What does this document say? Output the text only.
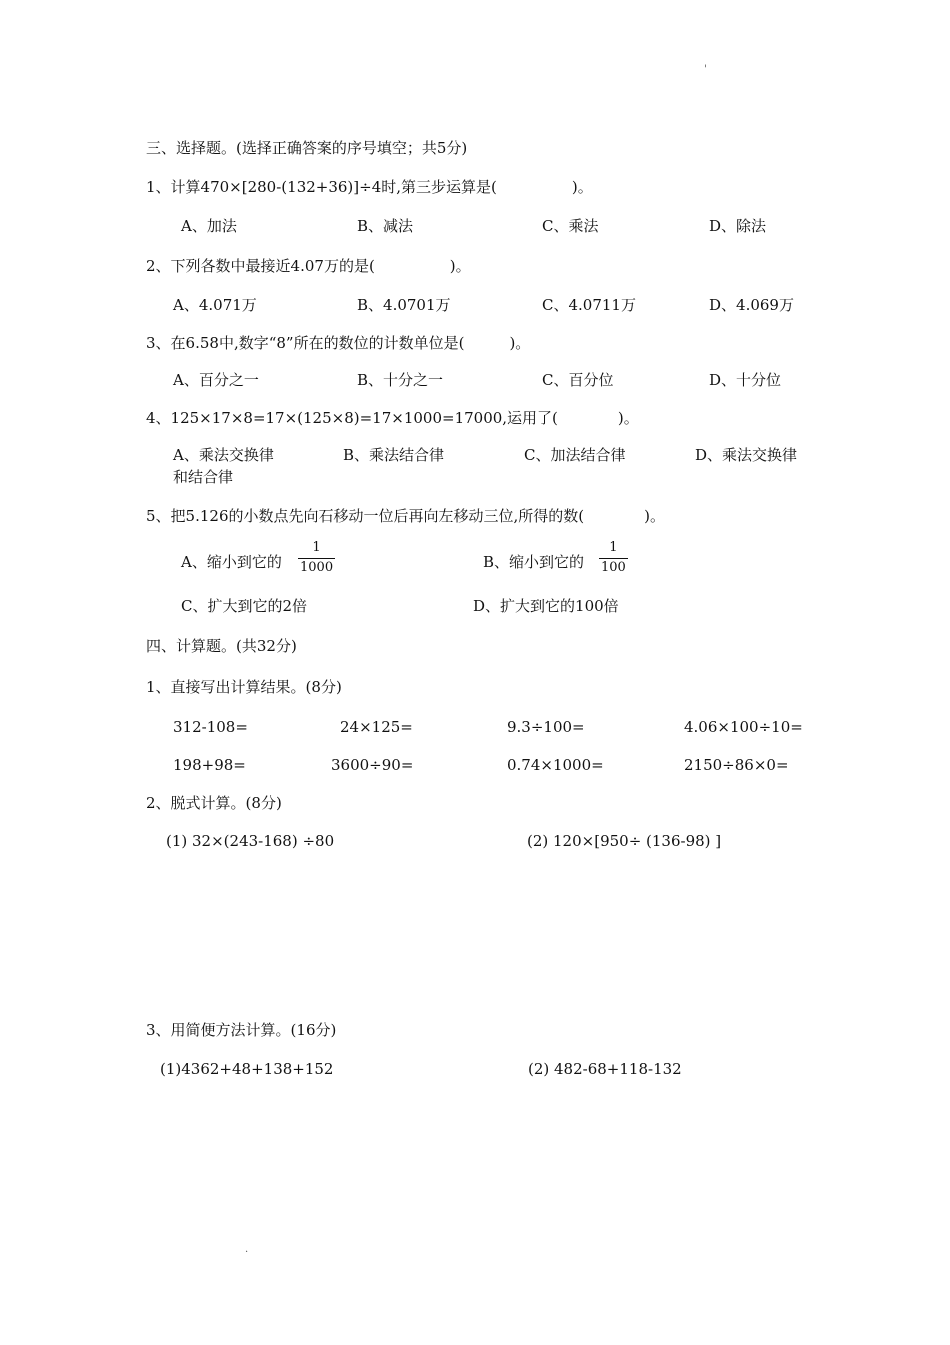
'
三、选择题。(选择正确答案的序号填空；共5分)
1、计算470×[280-(132+36)]÷4时,第三步运算是(　　　　　)。
A、加法	B、减法	C、乘法	D、除法
2、下列各数中最接近4.07万的是(　　　　　)。
A、4.071万	B、4.0701万	C、4.0711万	D、4.069万
3、在6.58中,数字“8”所在的数位的计数单位是(　　　)。
A、百分之一	B、十分之一	C、百分位	D、十分位
4、125×17×8=17×(125×8)=17×1000=17000,运用了(　　　　)。
A、乘法交换律	B、乘法结合律	C、加法结合律	D、乘法交换律
和结合律
5、把5.126的小数点先向石移动一位后再向左移动三位,所得的数(　　　　)。
A、缩小到它的
1
1000	B、缩小到它的
1
100
C、扩大到它的2倍	D、扩大到它的100倍
四、计算题。(共32分)
1、直接写出计算结果。(8分)
312-108=	24×125=	9.3÷100=	4.06×100÷10=
198+98=	3600÷90=	0.74×1000=	2150÷86×0=
2、脱式计算。(8分)
(1) 32×(243-168) ÷80	(2) 120×[950÷ (136-98) ]
3、用简便方法计算。(16分)
(1)4362+48+138+152	(2) 482-68+118-132
.
